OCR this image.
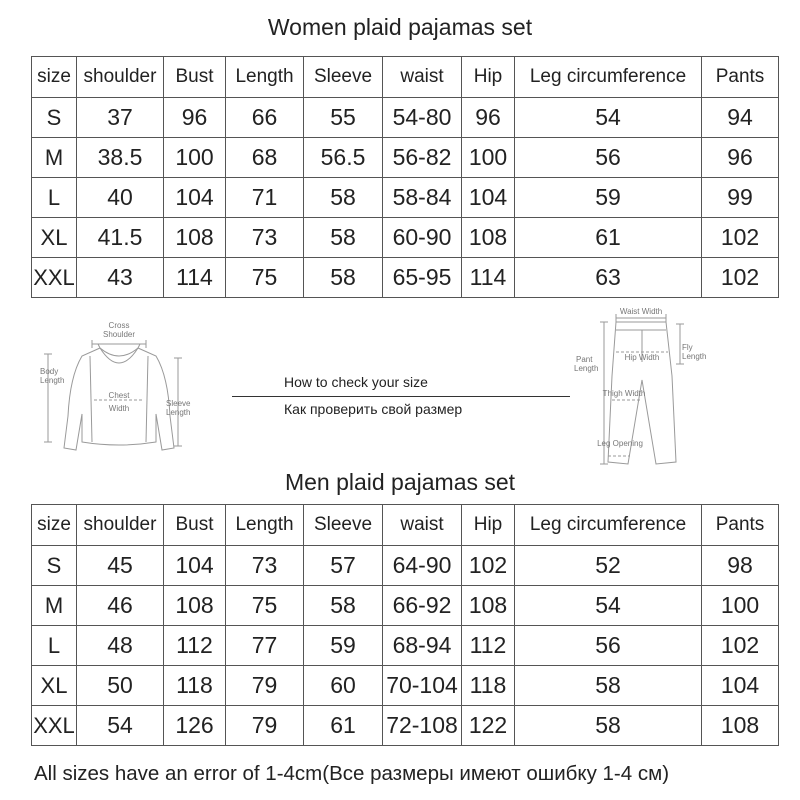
Women plaid pajamas set
size	shoulder	Bust	Length	Sleeve	waist	Hip	Leg circumference	Pants
S	37	96	66	55	54-80	96	54	94
M	38.5	100	68	56.5	56-82	100	56	96
L	40	104	71	58	58-84	104	59	99
XL	41.5	108	73	58	60-90	108	61	102
XXL	43	114	75	58	65-95	114	63	102
Cross
Shoulder
Body
Length
Chest
Width
Sleeve
Length
How to check your size
Как проверить свой размер
Waist Width
Pant
Length
Hip Width
Fly
Length
Thigh Width
Leg Opening
Men plaid pajamas set
size	shoulder	Bust	Length	Sleeve	waist	Hip	Leg circumference	Pants
S	45	104	73	57	64-90	102	52	98
M	46	108	75	58	66-92	108	54	100
L	48	112	77	59	68-94	112	56	102
XL	50	118	79	60	70-104	118	58	104
XXL	54	126	79	61	72-108	122	58	108
All sizes have an error of 1-4cm(Все размеры имеют ошибку 1-4 см)
